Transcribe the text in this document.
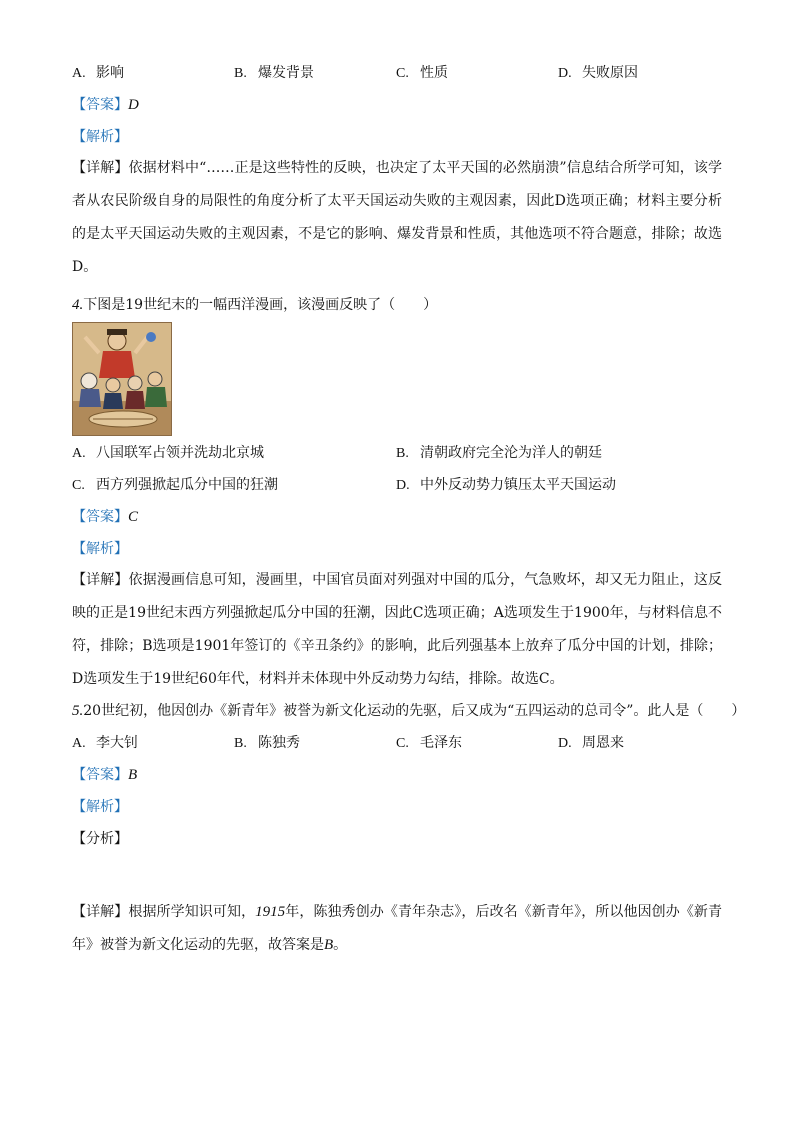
A. 影响	B. 爆发背景	C. 性质	D. 失败原因
【答案】D
【解析】
【详解】依据材料中“……正是这些特性的反映，也决定了太平天国的必然崩溃”信息结合所学可知，该学者从农民阶级自身的局限性的角度分析了太平天国运动失败的主观因素，因此D选项正确；材料主要分析的是太平天国运动失败的主观因素，不是它的影响、爆发背景和性质，其他选项不符合题意，排除；故选D。
4.下图是19世纪末的一幅西洋漫画，该漫画反映了（　　）
A. 八国联军占领并洗劫北京城	B. 清朝政府完全沦为洋人的朝廷
C. 西方列强掀起瓜分中国的狂潮	D. 中外反动势力镇压太平天国运动
【答案】C
【解析】
【详解】依据漫画信息可知，漫画里，中国官员面对列强对中国的瓜分，气急败坏，却又无力阻止，这反映的正是19世纪末西方列强掀起瓜分中国的狂潮，因此C选项正确；A选项发生于1900年，与材料信息不符，排除；B选项是1901年签订的《辛丑条约》的影响，此后列强基本上放弃了瓜分中国的计划，排除；D选项发生于19世纪60年代，材料并未体现中外反动势力勾结，排除。故选C。
5.20世纪初，他因创办《新青年》被誉为新文化运动的先驱，后又成为“五四运动的总司令”。此人是（　　）
A. 李大钊	B. 陈独秀	C. 毛泽东	D. 周恩来
【答案】B
【解析】
【分析】
【详解】根据所学知识可知，1915年，陈独秀创办《青年杂志》，后改名《新青年》，所以他因创办《新青年》被誉为新文化运动的先驱，故答案是B。
